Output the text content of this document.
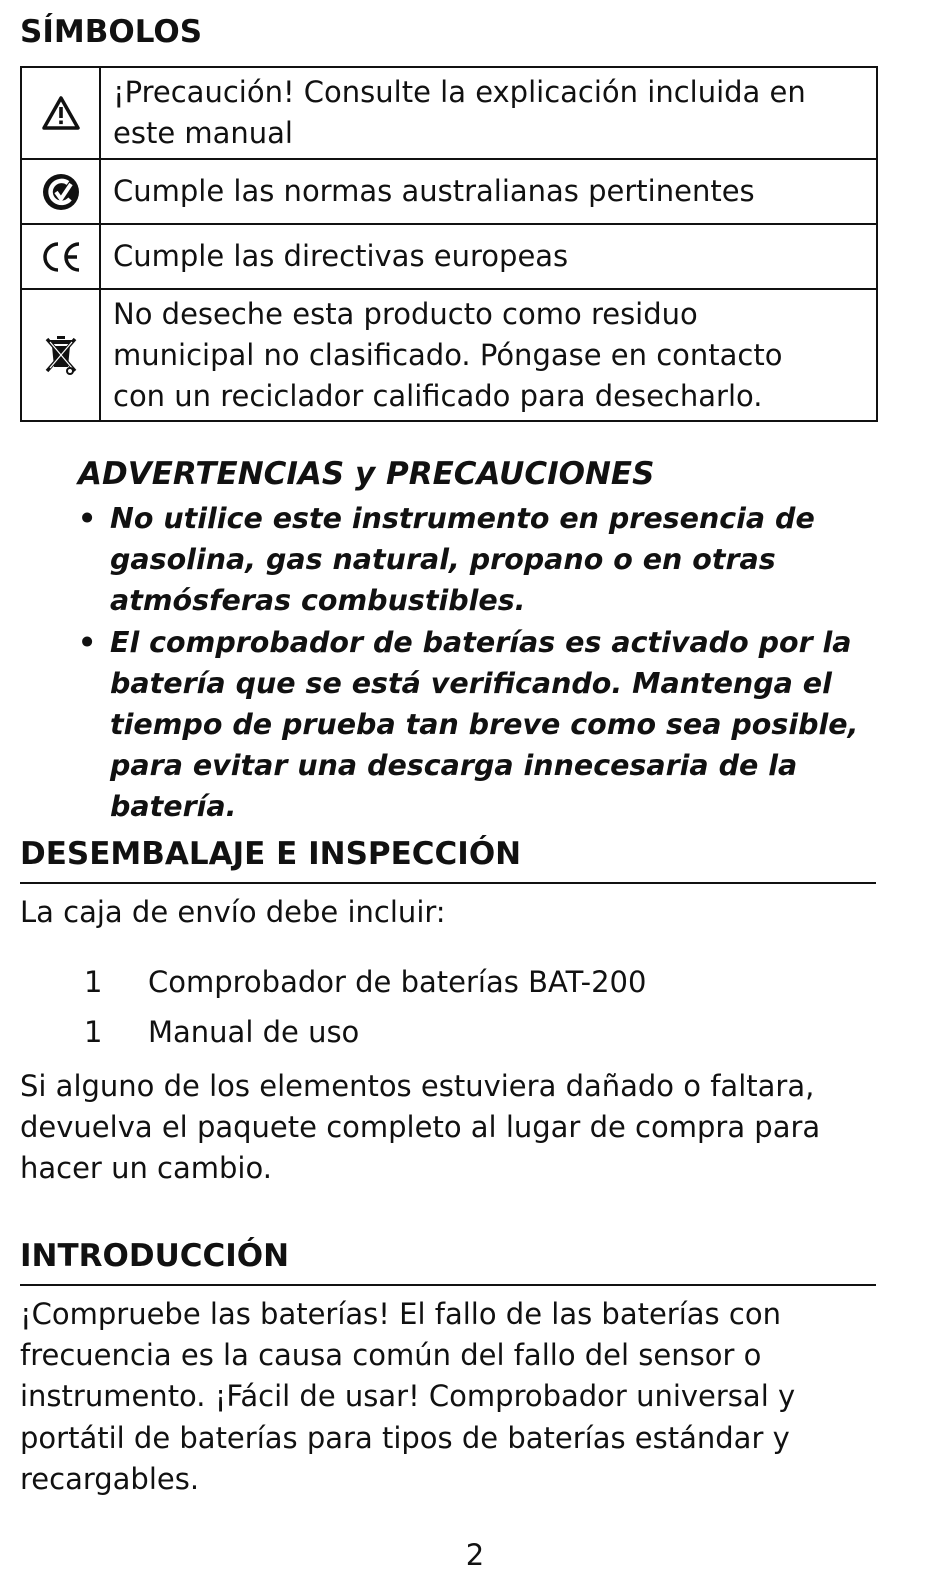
SÍMBOLOS
	¡Precaución! Consulte la explicación incluida en este manual

	Cumple las normas australianas pertinentes

	Cumple las directivas europeas

	No deseche esta producto como residuo municipal no clasificado. Póngase en contacto con un reciclador calificado para desecharlo.
ADVERTENCIAS y PRECAUCIONES
• No utilice este instrumento en presencia de gasolina, gas natural, propano o en otras atmósferas combustibles.
• El comprobador de baterías es activado por la batería que se está verificando. Mantenga el tiempo de prueba tan breve como sea posible, para evitar una descarga innecesaria de la batería.
DESEMBALAJE E INSPECCIÓN
La caja de envío debe incluir:
1	Comprobador de baterías BAT-200
1	Manual de uso
Si alguno de los elementos estuviera dañado o faltara, devuelva el paquete completo al lugar de compra para hacer un cambio.
INTRODUCCIÓN
¡Compruebe las baterías! El fallo de las baterías con frecuencia es la causa común del fallo del sensor o instrumento. ¡Fácil de usar! Comprobador universal y portátil de baterías para tipos de baterías estándar y recargables.
2
